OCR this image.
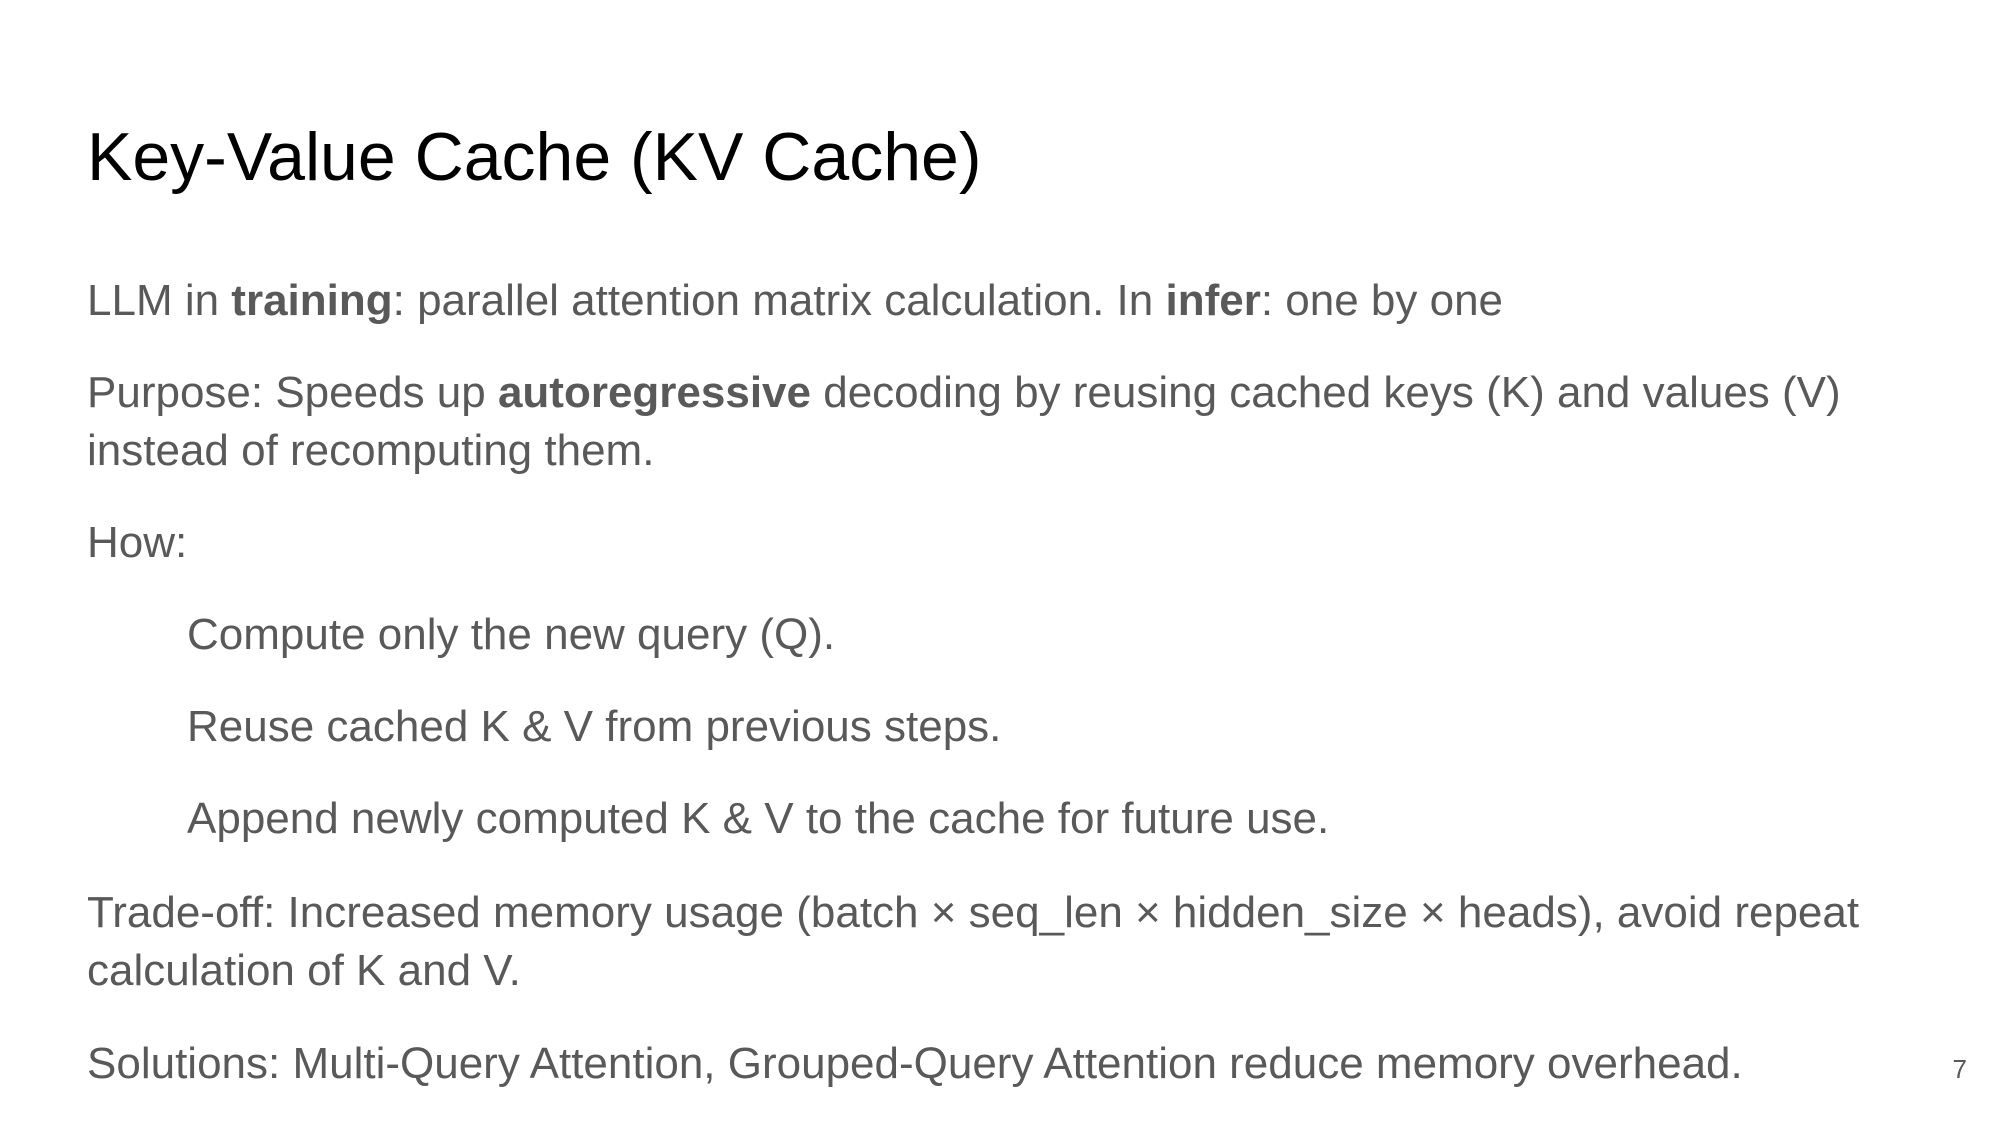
Key-Value Cache (KV Cache)

LLM in training: parallel attention matrix calculation. In infer: one by one

Purpose: Speeds up autoregressive decoding by reusing cached keys (K) and values (V) instead of recomputing them.

How:

Compute only the new query (Q).

Reuse cached K & V from previous steps.

Append newly computed K & V to the cache for future use.

Trade-off: Increased memory usage (batch × seq_len × hidden_size × heads), avoid repeat calculation of K and V.

Solutions: Multi-Query Attention, Grouped-Query Attention reduce memory overhead.	7
